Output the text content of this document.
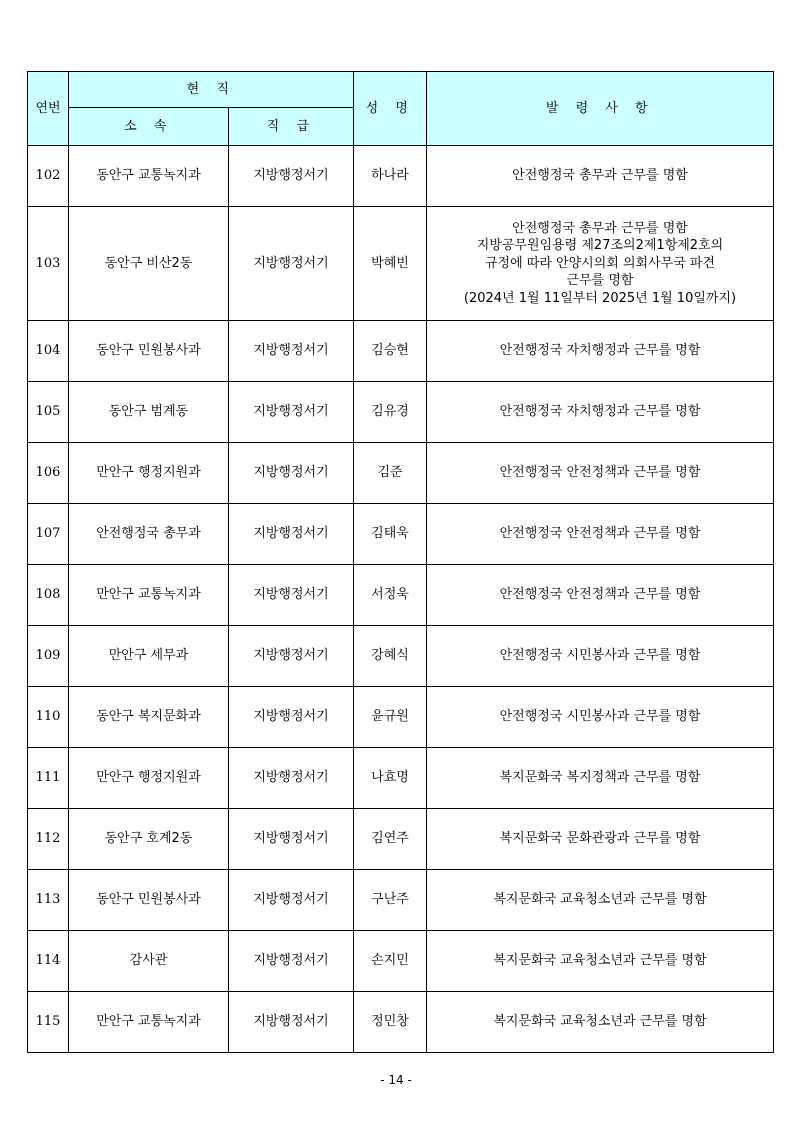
연번	현 직		성 명	발 령 사 항
	소 속	직 급		
102	동안구 교통녹지과	지방행정서기	하나라	안전행정국 총무과 근무를 명함

103	동안구 비산2동	지방행정서기	박혜빈	안전행정국 총무과 근무를 명함
지방공무원임용령 제27조의2제1항제2호의
규정에 따라 안양시의회 의회사무국 파견
근무를 명함
(2024년 1월 11일부터 2025년 1월 10일까지)

104	동안구 민원봉사과	지방행정서기	김승현	안전행정국 자치행정과 근무를 명함

105	동안구 범계동	지방행정서기	김유경	안전행정국 자치행정과 근무를 명함

106	만안구 행정지원과	지방행정서기	김준	안전행정국 안전정책과 근무를 명함

107	안전행정국 총무과	지방행정서기	김태욱	안전행정국 안전정책과 근무를 명함

108	만안구 교통녹지과	지방행정서기	서정욱	안전행정국 안전정책과 근무를 명함

109	만안구 세무과	지방행정서기	강혜식	안전행정국 시민봉사과 근무를 명함

110	동안구 복지문화과	지방행정서기	윤규원	안전행정국 시민봉사과 근무를 명함

111	만안구 행정지원과	지방행정서기	나효명	복지문화국 복지정책과 근무를 명함

112	동안구 호계2동	지방행정서기	김연주	복지문화국 문화관광과 근무를 명함

113	동안구 민원봉사과	지방행정서기	구난주	복지문화국 교육청소년과 근무를 명함

114	감사관	지방행정서기	손지민	복지문화국 교육청소년과 근무를 명함

115	만안구 교통녹지과	지방행정서기	정민창	복지문화국 교육청소년과 근무를 명함
- 14 -
